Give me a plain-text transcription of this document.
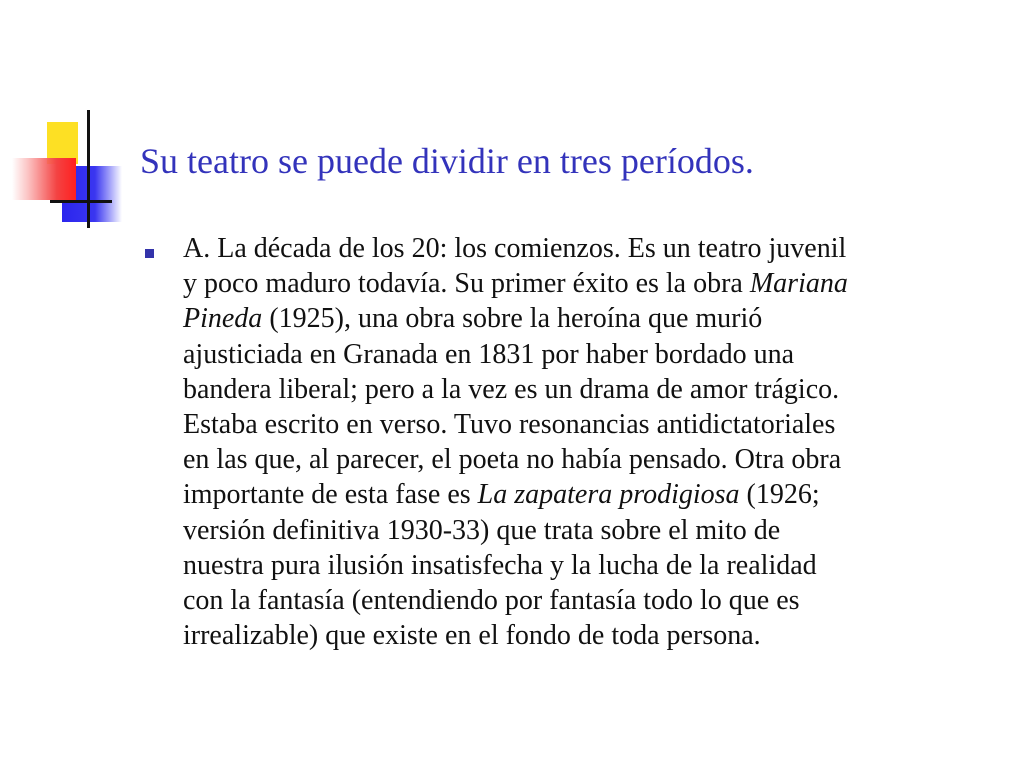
Su teatro se puede dividir en tres períodos.

A. La década de los 20: los comienzos. Es un teatro juvenil
y poco maduro todavía. Su primer éxito es la obra Mariana
Pineda (1925), una obra sobre la heroína que murió
ajusticiada en Granada en 1831 por haber bordado una
bandera liberal; pero a la vez es un drama de amor trágico.
Estaba escrito en verso. Tuvo resonancias antidictatoriales
en las que, al parecer, el poeta no había pensado. Otra obra
importante de esta fase es La zapatera prodigiosa (1926;
versión definitiva 1930-33) que trata sobre el mito de
nuestra pura ilusión insatisfecha y la lucha de la realidad
con la fantasía (entendiendo por fantasía todo lo que es
irrealizable) que existe en el fondo de toda persona.
